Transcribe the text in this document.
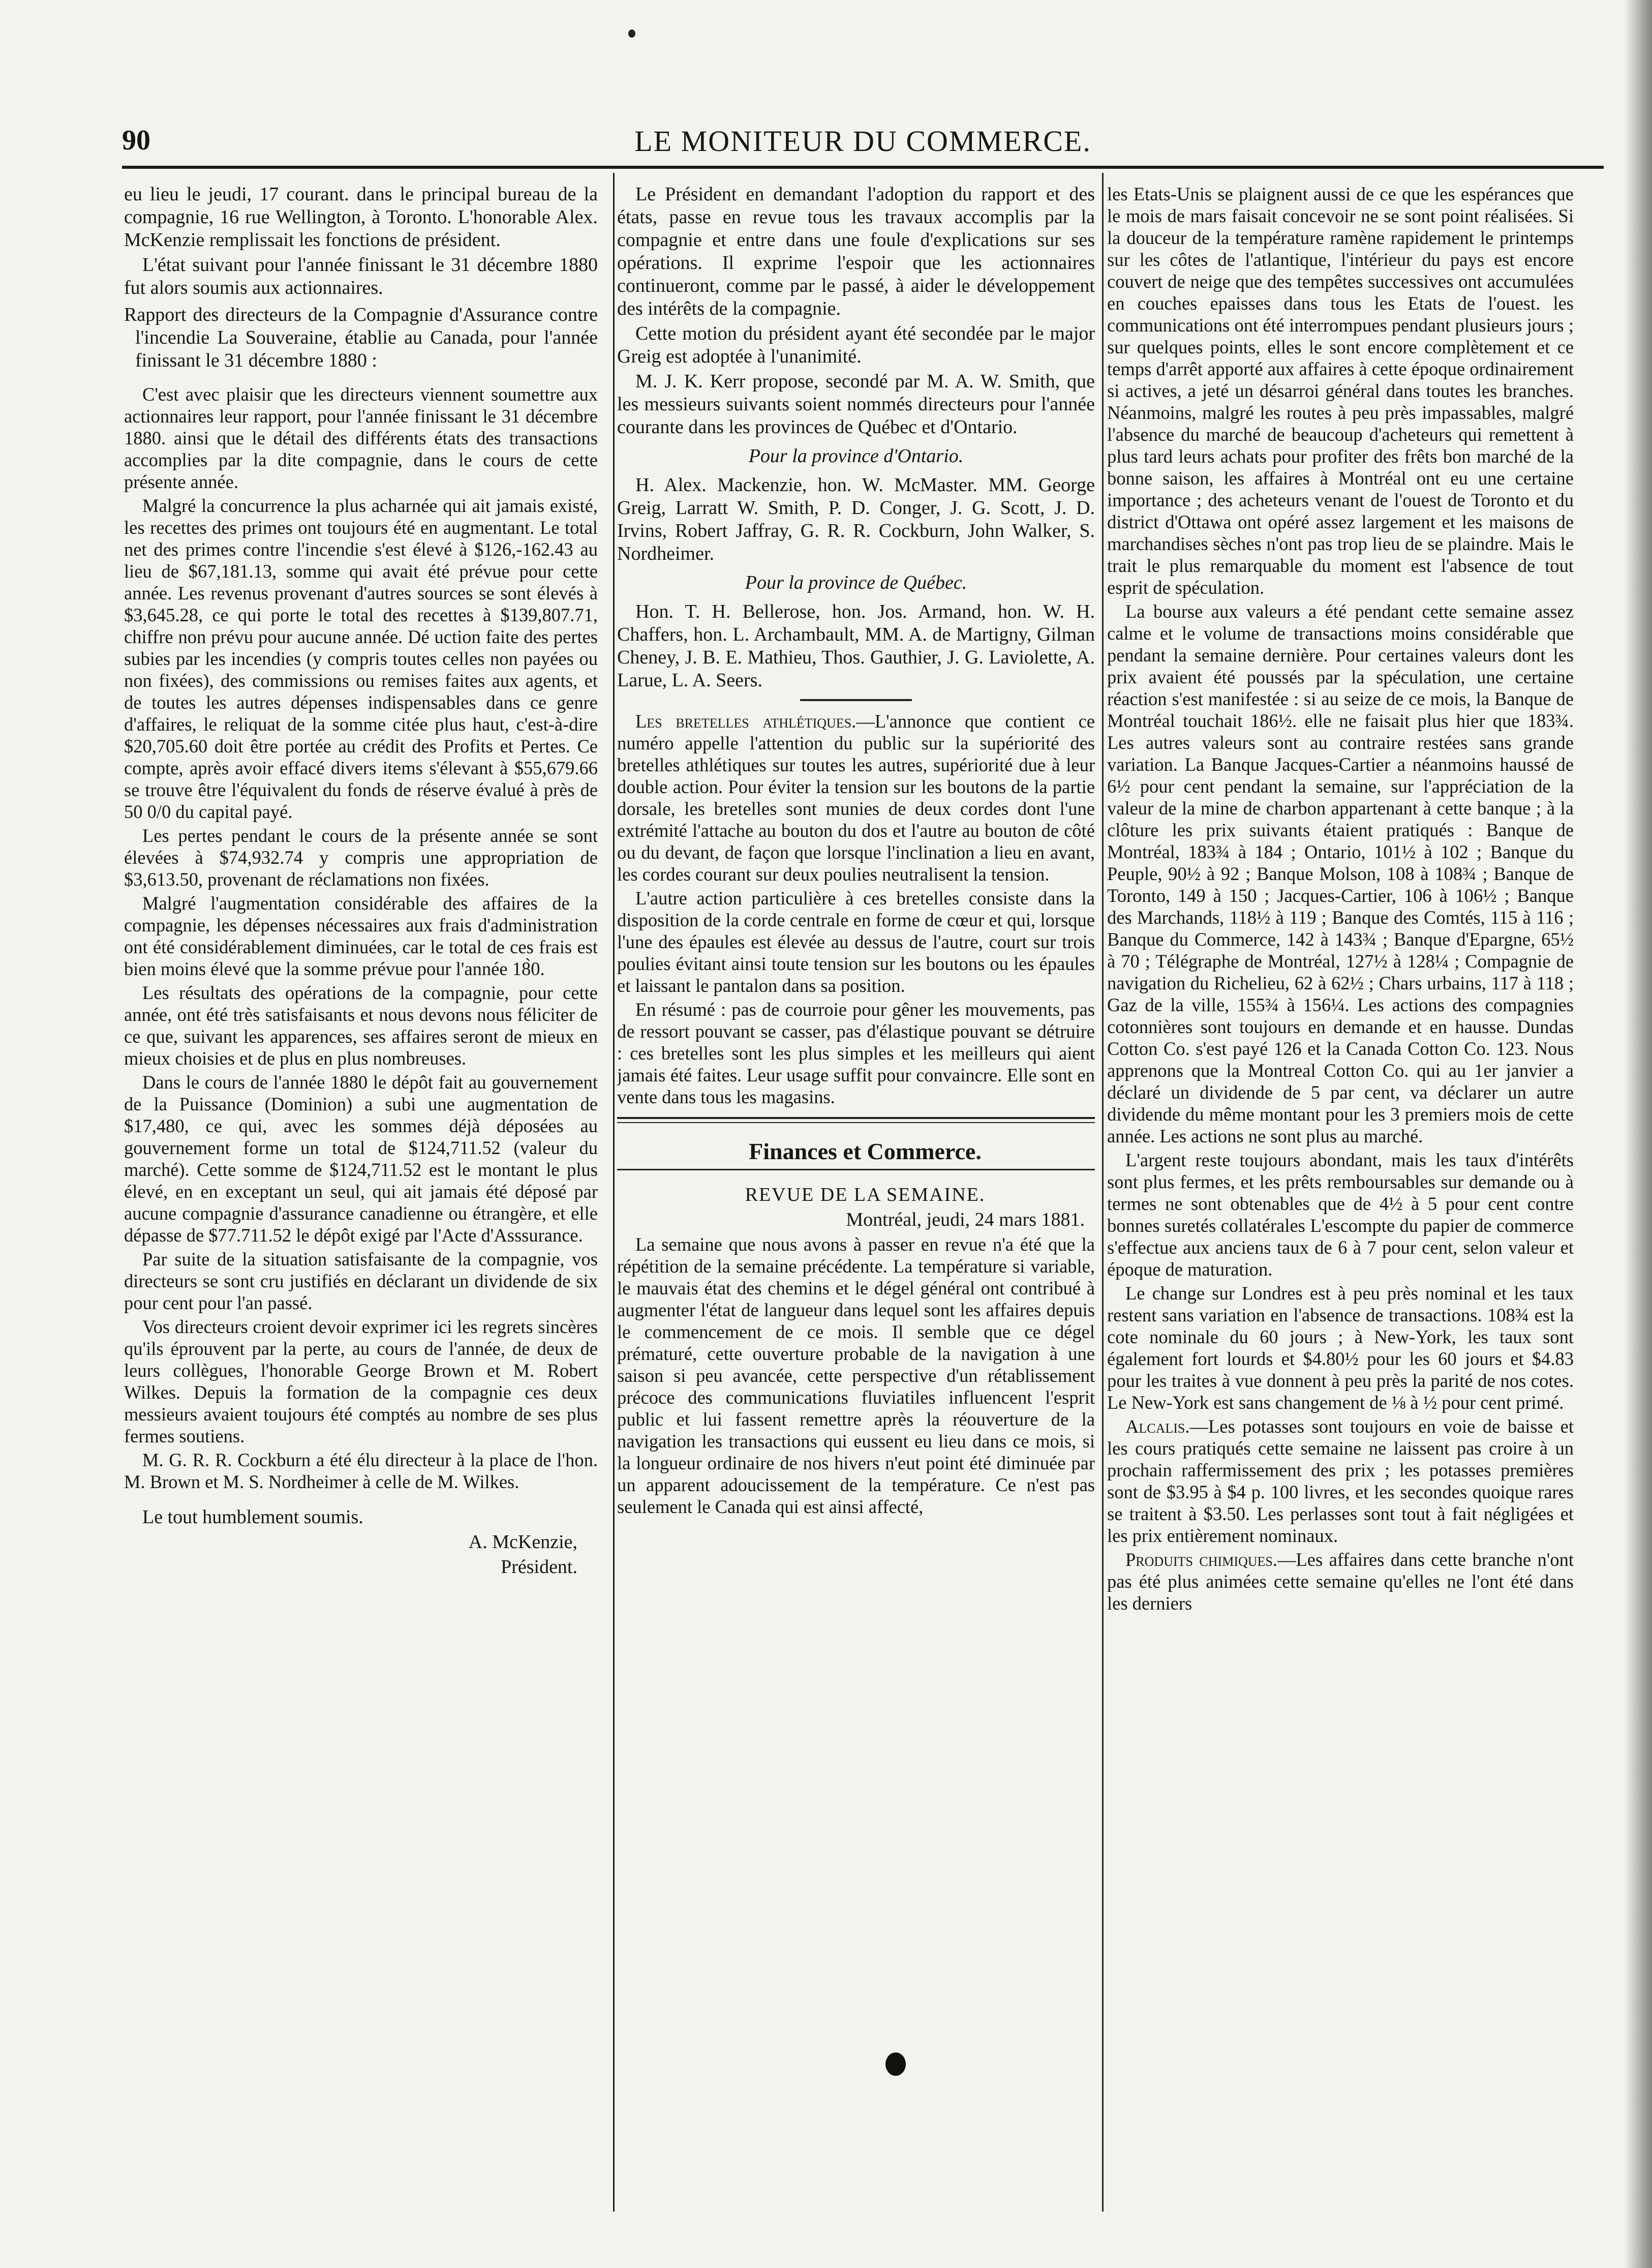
LE MONITEUR DU COMMERCE.
90

eu lieu le jeudi, 17 courant. dans le principal bureau de la compagnie, 16 rue Wellington, à Toronto. L'honorable Alex. McKenzie remplissait les fonctions de président.

L'état suivant pour l'année finissant le 31 décembre 1880 fut alors soumis aux actionnaires.

Rapport des directeurs de la Compagnie d'Assurance contre l'incendie La Souveraine, établie au Canada, pour l'année finissant le 31 décembre 1880 :

C'est avec plaisir que les directeurs viennent soumettre aux actionnaires leur rapport, pour l'année finissant le 31 décembre 1880. ainsi que le détail des différents états des transactions accomplies par la dite compagnie, dans le cours de cette présente année.

Malgré la concurrence la plus acharnée qui ait jamais existé, les recettes des primes ont toujours été en augmentant. Le total net des primes contre l'incendie s'est élevé à $126,-162.43 au lieu de $67,181.13, somme qui avait été prévue pour cette année. Les revenus provenant d'autres sources se sont élevés à $3,645.28, ce qui porte le total des recettes à $139,807.71, chiffre non prévu pour aucune année. Dé uction faite des pertes subies par les incendies (y compris toutes celles non payées ou non fixées), des commissions ou remises faites aux agents, et de toutes les autres dépenses indispensables dans ce genre d'affaires, le reliquat de la somme citée plus haut, c'est-à-dire $20,705.60 doit être portée au crédit des Profits et Pertes. Ce compte, après avoir effacé divers items s'élevant à $55,679.66 se trouve être l'équivalent du fonds de réserve évalué à près de 50 0/0 du capital payé.

Les pertes pendant le cours de la présente année se sont élevées à $74,932.74 y compris une appropriation de $3,613.50, provenant de réclamations non fixées.

Malgré l'augmentation considérable des affaires de la compagnie, les dépenses nécessaires aux frais d'administration ont été considérablement diminuées, car le total de ces frais est bien moins élevé que la somme prévue pour l'année 18̀0.

Les résultats des opérations de la compagnie, pour cette année, ont été très satisfaisants et nous devons nous féliciter de ce que, suivant les apparences, ses affaires seront de mieux en mieux choisies et de plus en plus nombreuses.

Dans le cours de l'année 1880 le dépôt fait au gouvernement de la Puissance (Dominion) a subi une augmentation de $17,480, ce qui, avec les sommes déjà déposées au gouvernement forme un total de $124,711.52 (valeur du marché). Cette somme de $124,711.52 est le montant le plus élevé, en en exceptant un seul, qui ait jamais été déposé par aucune compagnie d'assurance canadienne ou étrangère, et elle dépasse de $77.711.52 le dépôt exigé par l'Acte d'Asssurance.

Par suite de la situation satisfaisante de la compagnie, vos directeurs se sont cru justifiés en déclarant un dividende de six pour cent pour l'an passé.

Vos directeurs croient devoir exprimer ici les regrets sincères qu'ils éprouvent par la perte, au cours de l'année, de deux de leurs collègues, l'honorable George Brown et M. Robert Wilkes. Depuis la formation de la compagnie ces deux messieurs avaient toujours été comptés au nombre de ses plus fermes soutiens.

M. G. R. R. Cockburn a été élu directeur à la place de l'hon. M. Brown et M. S. Nordheimer à celle de M. Wilkes.

Le tout humblement soumis.

A. McKenzie,

Président.

Le Président en demandant l'adoption du rapport et des états, passe en revue tous les travaux accomplis par la compagnie et entre dans une foule d'explications sur ses opérations. Il exprime l'espoir que les actionnaires continueront, comme par le passé, à aider le développement des intérêts de la compagnie.

Cette motion du président ayant été secondée par le major Greig est adoptée à l'unanimité.

M. J. K. Kerr propose, secondé par M. A. W. Smith, que les messieurs suivants soient nommés directeurs pour l'année courante dans les provinces de Québec et d'Ontario.

Pour la province d'Ontario.

H. Alex. Mackenzie, hon. W. McMaster. MM. George Greig, Larratt W. Smith, P. D. Conger, J. G. Scott, J. D. Irvins, Robert Jaffray, G. R. R. Cockburn, John Walker, S. Nordheimer.

Pour la province de Québec.

Hon. T. H. Bellerose, hon. Jos. Armand, hon. W. H. Chaffers, hon. L. Archambault, MM. A. de Martigny, Gilman Cheney, J. B. E. Mathieu, Thos. Gauthier, J. G. Laviolette, A. Larue, L. A. Seers.

Les bretelles athlétiques.—L'annonce que contient ce numéro appelle l'attention du public sur la supériorité des bretelles athlétiques sur toutes les autres, supériorité due à leur double action. Pour éviter la tension sur les boutons de la partie dorsale, les bretelles sont munies de deux cordes dont l'une extrémité l'attache au bouton du dos et l'autre au bouton de côté ou du devant, de façon que lorsque l'inclination a lieu en avant, les cordes courant sur deux poulies neutralisent la tension.

L'autre action particulière à ces bretelles consiste dans la disposition de la corde centrale en forme de cœur et qui, lorsque l'une des épaules est élevée au dessus de l'autre, court sur trois poulies évitant ainsi toute tension sur les boutons ou les épaules et laissant le pantalon dans sa position.

En résumé : pas de courroie pour gêner les mouvements, pas de ressort pouvant se casser, pas d'élastique pouvant se détruire : ces bretelles sont les plus simples et les meilleurs qui aient jamais été faites. Leur usage suffit pour convaincre. Elle sont en vente dans tous les magasins.

Finances et Commerce.

REVUE DE LA SEMAINE.

Montréal, jeudi, 24 mars 1881.

La semaine que nous avons à passer en revue n'a été que la répétition de la semaine précédente. La température si variable, le mauvais état des chemins et le dégel général ont contribué à augmenter l'état de langueur dans lequel sont les affaires depuis le commencement de ce mois. Il semble que ce dégel prématuré, cette ouverture probable de la navigation à une saison si peu avancée, cette perspective d'un rétablissement précoce des communications fluviatiles influencent l'esprit public et lui fassent remettre après la réouverture de la navigation les transactions qui eussent eu lieu dans ce mois, si la longueur ordinaire de nos hivers n'eut point été diminuée par un apparent adoucissement de la température. Ce n'est pas seulement le Canada qui est ainsi affecté,

les Etats-Unis se plaignent aussi de ce que les espérances que le mois de mars faisait concevoir ne se sont point réalisées. Si la douceur de la température ramène rapidement le printemps sur les côtes de l'atlantique, l'intérieur du pays est encore couvert de neige que des tempêtes successives ont accumulées en couches epaisses dans tous les Etats de l'ouest. les communications ont été interrompues pendant plusieurs jours ; sur quelques points, elles le sont encore complètement et ce temps d'arrêt apporté aux affaires à cette époque ordinairement si actives, a jeté un désarroi général dans toutes les branches. Néanmoins, malgré les routes à peu près impassables, malgré l'absence du marché de beaucoup d'acheteurs qui remettent à plus tard leurs achats pour profiter des frêts bon marché de la bonne saison, les affaires à Montréal ont eu une certaine importance ; des acheteurs venant de l'ouest de Toronto et du district d'Ottawa ont opéré assez largement et les maisons de marchandises sèches n'ont pas trop lieu de se plaindre. Mais le trait le plus remarquable du moment est l'absence de tout esprit de spéculation.

La bourse aux valeurs a été pendant cette semaine assez calme et le volume de transactions moins considérable que pendant la semaine dernière. Pour certaines valeurs dont les prix avaient été poussés par la spéculation, une certaine réaction s'est manifestée : si au seize de ce mois, la Banque de Montréal touchait 186½. elle ne faisait plus hier que 183¾. Les autres valeurs sont au contraire restées sans grande variation. La Banque Jacques-Cartier a néanmoins haussé de 6½ pour cent pendant la semaine, sur l'appréciation de la valeur de la mine de charbon appartenant à cette banque ; à la clôture les prix suivants étaient pratiqués : Banque de Montréal, 183¾ à 184 ; Ontario, 101½ à 102 ; Banque du Peuple, 90½ à 92 ; Banque Molson, 108 à 108¾ ; Banque de Toronto, 149 à 150 ; Jacques-Cartier, 106 à 106½ ; Banque des Marchands, 118½ à 119 ; Banque des Comtés, 115 à 116 ; Banque du Commerce, 142 à 143¾ ; Banque d'Epargne, 65½ à 70 ; Télégraphe de Montréal, 127½ à 128¼ ; Compagnie de navigation du Richelieu, 62 à 62½ ; Chars urbains, 117 à 118 ; Gaz de la ville, 155¾ à 156¼. Les actions des compagnies cotonnières sont toujours en demande et en hausse. Dundas Cotton Co. s'est payé 126 et la Canada Cotton Co. 123. Nous apprenons que la Montreal Cotton Co. qui au 1er janvier a déclaré un dividende de 5 par cent, va déclarer un autre dividende du même montant pour les 3 premiers mois de cette année. Les actions ne sont plus au marché.

L'argent reste toujours abondant, mais les taux d'intérêts sont plus fermes, et les prêts remboursables sur demande ou à termes ne sont obtenables que de 4½ à 5 pour cent contre bonnes suretés collatérales L'escompte du papier de commerce s'effectue aux anciens taux de 6 à 7 pour cent, selon valeur et époque de maturation.

Le change sur Londres est à peu près nominal et les taux restent sans variation en l'absence de transactions. 108¾ est la cote nominale du 60 jours ; à New-York, les taux sont également fort lourds et $4.80½ pour les 60 jours et $4.83 pour les traites à vue donnent à peu près la parité de nos cotes. Le New-York est sans changement de ⅛ à ½ pour cent primé.

Alcalis.—Les potasses sont toujours en voie de baisse et les cours pratiqués cette semaine ne laissent pas croire à un prochain raffermissement des prix ; les potasses premières sont de $3.95 à $4 p. 100 livres, et les secondes quoique rares se traitent à $3.50. Les perlasses sont tout à fait négligées et les prix entièrement nominaux.

Produits chimiques.—Les affaires dans cette branche n'ont pas été plus animées cette semaine qu'elles ne l'ont été dans les derniers
